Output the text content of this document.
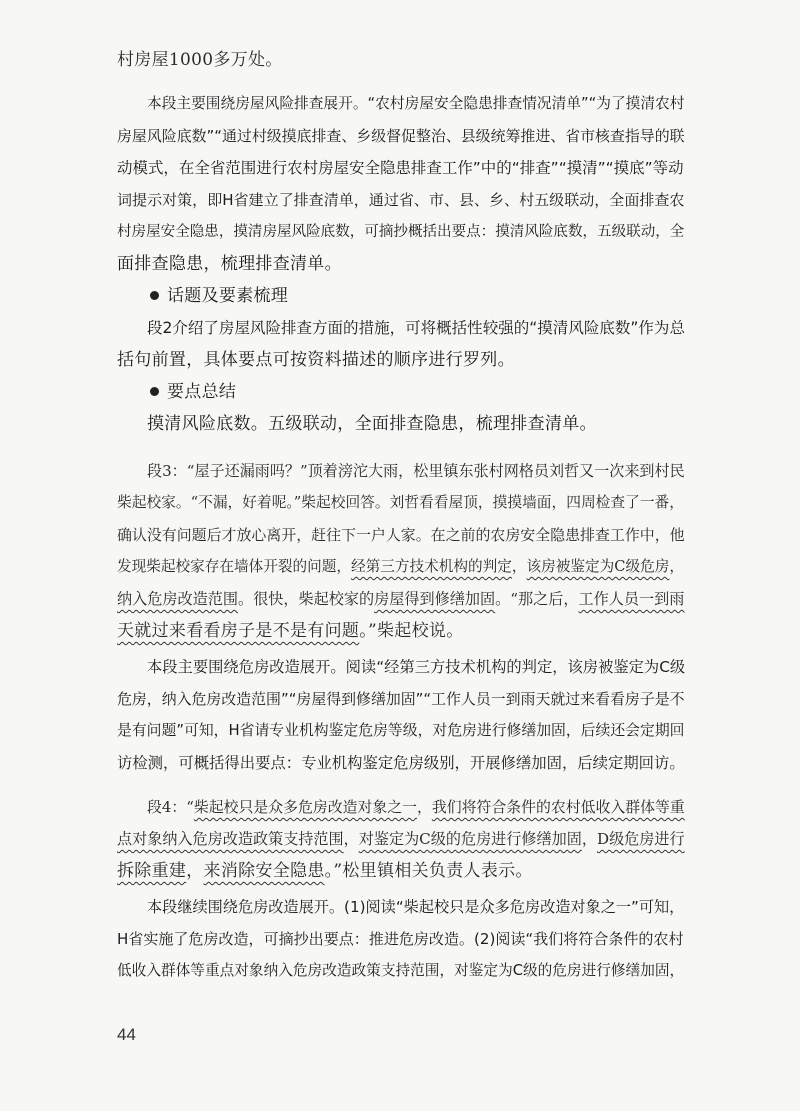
村房屋1000多万处。
本段主要围绕房屋风险排查展开。“农村房屋安全隐患排查情况清单”“为了摸清农村
房屋风险底数”“通过村级摸底排查、乡级督促整治、县级统筹推进、省市核查指导的联
动模式，在全省范围进行农村房屋安全隐患排查工作”中的“排查”“摸清”“摸底”等动
词提示对策，即H省建立了排查清单，通过省、市、县、乡、村五级联动，全面排查农
村房屋安全隐患，摸清房屋风险底数，可摘抄概括出要点：摸清风险底数，五级联动，全
面排查隐患，梳理排查清单。
话题及要素梳理
段2介绍了房屋风险排查方面的措施，可将概括性较强的“摸清风险底数”作为总
括句前置，具体要点可按资料描述的顺序进行罗列。
要点总结
摸清风险底数。五级联动，全面排查隐患，梳理排查清单。
段3：“屋子还漏雨吗？”顶着滂沱大雨，松里镇东张村网格员刘哲又一次来到村民
柴起校家。“不漏，好着呢。”柴起校回答。刘哲看看屋顶，摸摸墙面，四周检查了一番，
确认没有问题后才放心离开，赶往下一户人家。在之前的农房安全隐患排查工作中，他
发现柴起校家存在墙体开裂的问题，经第三方技术机构的判定，该房被鉴定为C级危房，
纳入危房改造范围。很快，柴起校家的房屋得到修缮加固。“那之后，工作人员一到雨
天就过来看看房子是不是有问题。”柴起校说。
本段主要围绕危房改造展开。阅读“经第三方技术机构的判定，该房被鉴定为C级
危房，纳入危房改造范围”“房屋得到修缮加固”“工作人员一到雨天就过来看看房子是不
是有问题”可知，H省请专业机构鉴定危房等级，对危房进行修缮加固，后续还会定期回
访检测，可概括得出要点：专业机构鉴定危房级别，开展修缮加固，后续定期回访。
段4：“柴起校只是众多危房改造对象之一，我们将符合条件的农村低收入群体等重
点对象纳入危房改造政策支持范围，对鉴定为C级的危房进行修缮加固，D级危房进行
拆除重建，来消除安全隐患。”松里镇相关负责人表示。
本段继续围绕危房改造展开。(1)阅读“柴起校只是众多危房改造对象之一”可知，
H省实施了危房改造，可摘抄出要点：推进危房改造。(2)阅读“我们将符合条件的农村
低收入群体等重点对象纳入危房改造政策支持范围，对鉴定为C级的危房进行修缮加固，
44
